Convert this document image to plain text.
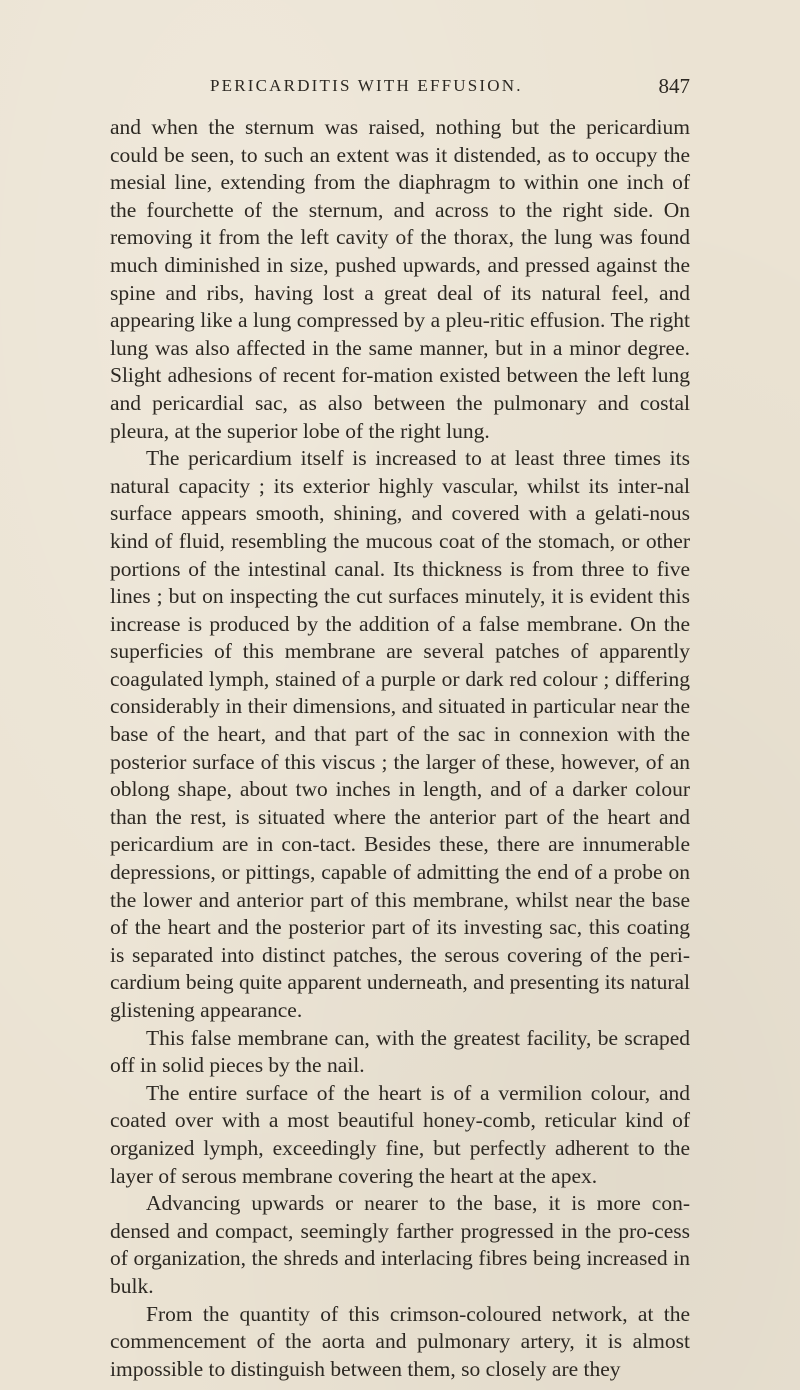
PERICARDITIS WITH EFFUSION.	847

and when the sternum was raised, nothing but the pericardium could be seen, to such an extent was it distended, as to occupy the mesial line, extending from the diaphragm to within one inch of the fourchette of the sternum, and across to the right side. On removing it from the left cavity of the thorax, the lung was found much diminished in size, pushed upwards, and pressed against the spine and ribs, having lost a great deal of its natural feel, and appearing like a lung compressed by a pleu-ritic effusion. The right lung was also affected in the same manner, but in a minor degree. Slight adhesions of recent for-mation existed between the left lung and pericardial sac, as also between the pulmonary and costal pleura, at the superior lobe of the right lung.

The pericardium itself is increased to at least three times its natural capacity ; its exterior highly vascular, whilst its inter-nal surface appears smooth, shining, and covered with a gelati-nous kind of fluid, resembling the mucous coat of the stomach, or other portions of the intestinal canal. Its thickness is from three to five lines ; but on inspecting the cut surfaces minutely, it is evident this increase is produced by the addition of a false membrane. On the superficies of this membrane are several patches of apparently coagulated lymph, stained of a purple or dark red colour ; differing considerably in their dimensions, and situated in particular near the base of the heart, and that part of the sac in connexion with the posterior surface of this viscus ; the larger of these, however, of an oblong shape, about two inches in length, and of a darker colour than the rest, is situated where the anterior part of the heart and pericardium are in con-tact. Besides these, there are innumerable depressions, or pittings, capable of admitting the end of a probe on the lower and anterior part of this membrane, whilst near the base of the heart and the posterior part of its investing sac, this coating is separated into distinct patches, the serous covering of the peri-cardium being quite apparent underneath, and presenting its natural glistening appearance.

This false membrane can, with the greatest facility, be scraped off in solid pieces by the nail.

The entire surface of the heart is of a vermilion colour, and coated over with a most beautiful honey-comb, reticular kind of organized lymph, exceedingly fine, but perfectly adherent to the layer of serous membrane covering the heart at the apex.

Advancing upwards or nearer to the base, it is more con-densed and compact, seemingly farther progressed in the pro-cess of organization, the shreds and interlacing fibres being increased in bulk.

From the quantity of this crimson-coloured network, at the commencement of the aorta and pulmonary artery, it is almost impossible to distinguish between them, so closely are they
